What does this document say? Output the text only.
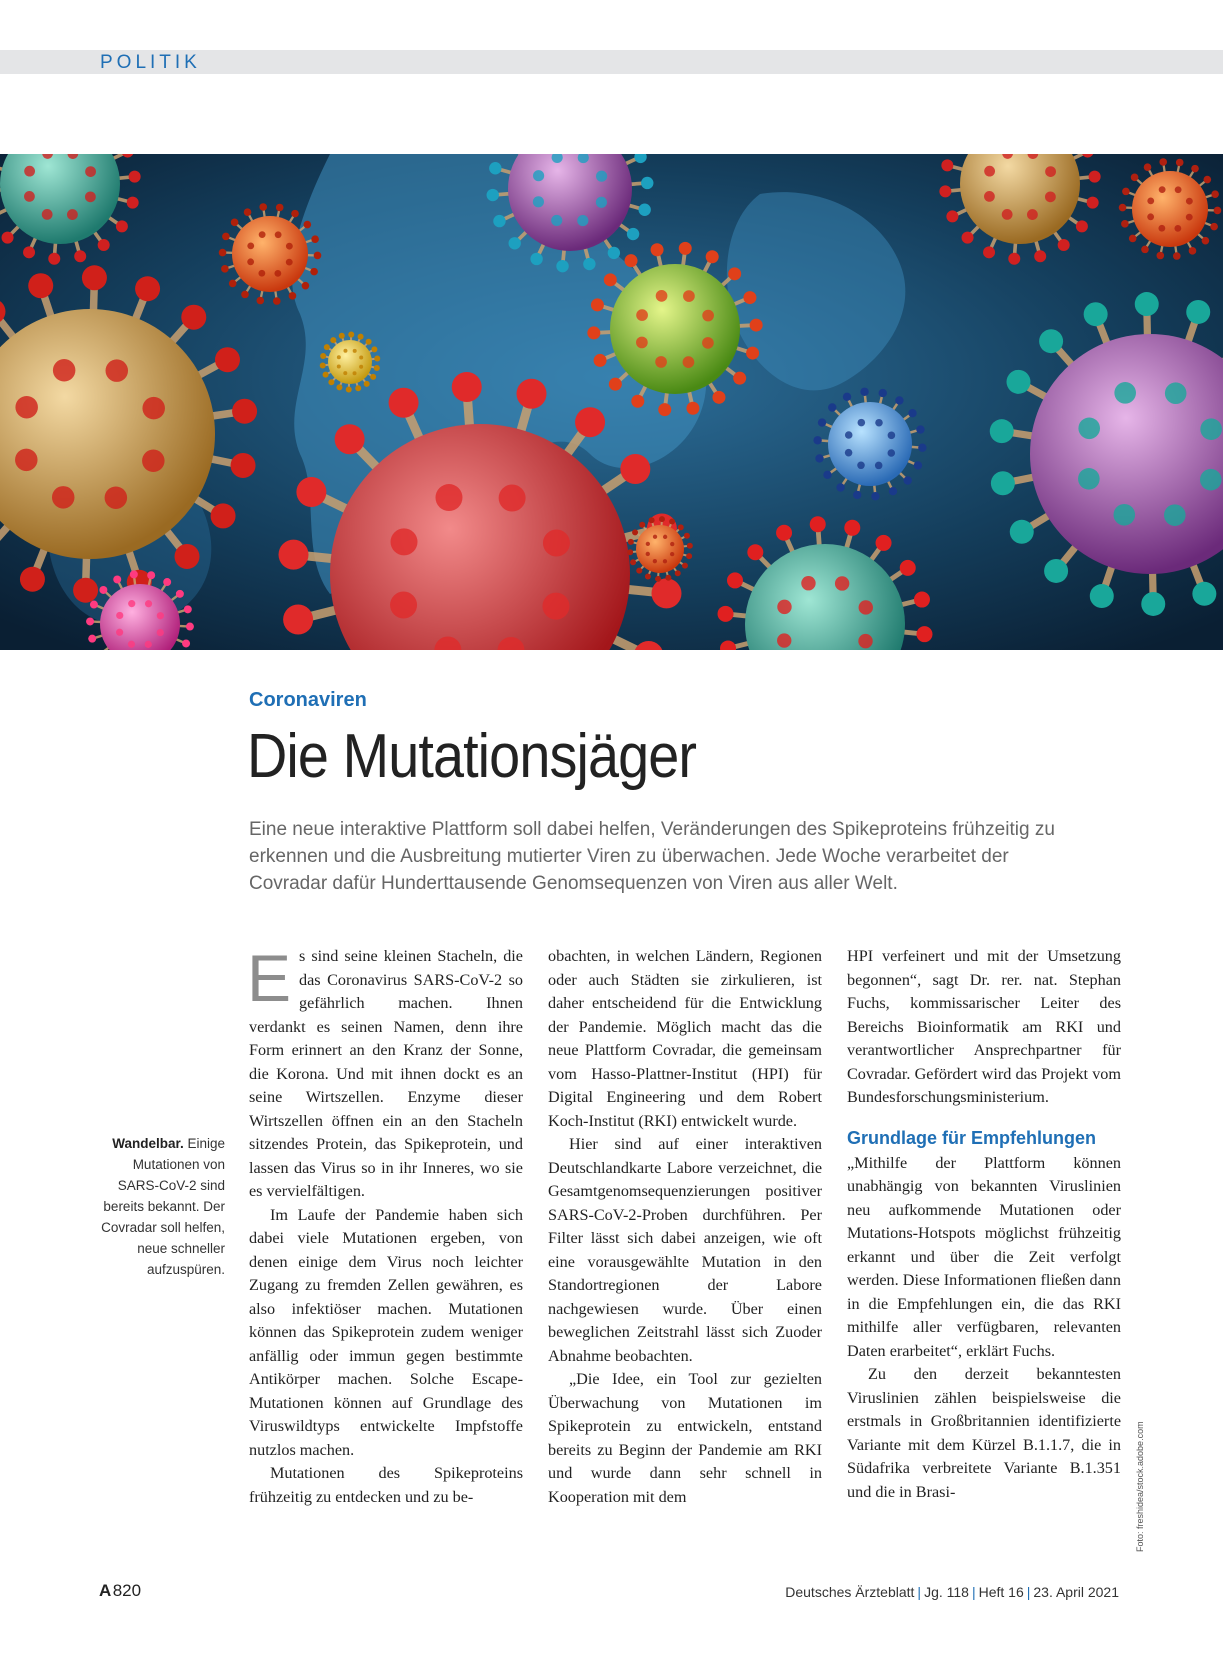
POLITIK
Coronaviren
Die Mutationsjäger
Eine neue interaktive Plattform soll dabei helfen, Veränderungen des Spikeproteins frühzeitig zu erkennen und die Ausbreitung mutierter Viren zu überwachen. Jede Woche verarbeitet der Covradar dafür Hunderttausende Genomsequenzen von Viren aus aller Welt.
Wandelbar. Einige Mutationen von SARS-CoV-2 sind bereits bekannt. Der Covradar soll helfen, neue schneller aufzuspüren.

Es sind seine kleinen Stacheln, die das Coronavirus SARS-CoV-2 so gefährlich machen. Ihnen verdankt es seinen Namen, denn ihre Form erinnert an den Kranz der Sonne, die Korona. Und mit ihnen dockt es an seine Wirtszellen. Enzyme dieser Wirtszellen öffnen ein an den Stacheln sitzendes Protein, das Spikeprotein, und lassen das Virus so in ihr Inneres, wo sie es vervielfältigen.

Im Laufe der Pandemie haben sich dabei viele Mutationen ergeben, von denen einige dem Virus noch leichter Zugang zu fremden Zellen gewähren, es also infektiöser machen. Mutationen können das Spikeprotein zudem weniger anfällig oder immun gegen bestimmte Antikörper machen. Solche Escape-Mutationen können auf Grundlage des Viruswildtyps entwickelte Impfstoffe nutzlos machen.

Mutationen des Spikeproteins frühzeitig zu entdecken und zu be-

obachten, in welchen Ländern, Regionen oder auch Städten sie zirkulieren, ist daher entscheidend für die Entwicklung der Pandemie. Möglich macht das die neue Plattform Covradar, die gemeinsam vom Hasso-Plattner-Institut (HPI) für Digital Engineering und dem Robert Koch-Institut (RKI) entwickelt wurde.

Hier sind auf einer interaktiven Deutschlandkarte Labore verzeichnet, die Gesamtgenomsequenzierungen positiver SARS-CoV-2-Proben durchführen. Per Filter lässt sich dabei anzeigen, wie oft eine vorausgewählte Mutation in den Standortregionen der Labore nachgewiesen wurde. Über einen beweglichen Zeitstrahl lässt sich Zuoder Abnahme beobachten.

„Die Idee, ein Tool zur gezielten Überwachung von Mutationen im Spikeprotein zu entwickeln, entstand bereits zu Beginn der Pandemie am RKI und wurde dann sehr schnell in Kooperation mit dem

HPI verfeinert und mit der Umsetzung begonnen“, sagt Dr. rer. nat. Stephan Fuchs, kommissarischer Leiter des Bereichs Bioinformatik am RKI und verantwortlicher Ansprechpartner für Covradar. Gefördert wird das Projekt vom Bundesforschungsministerium.

Grundlage für Empfehlungen

„Mithilfe der Plattform können unabhängig von bekannten Viruslinien neu aufkommende Mutationen oder Mutations-Hotspots möglichst frühzeitig erkannt und über die Zeit verfolgt werden. Diese Informationen fließen dann in die Empfehlungen ein, die das RKI mithilfe aller verfügbaren, relevanten Daten erarbeitet“, erklärt Fuchs.

Zu den derzeit bekanntesten Viruslinien zählen beispielsweise die erstmals in Großbritannien identifizierte Variante mit dem Kürzel B.1.1.7, die in Südafrika verbreitete Variante B.1.351 und die in Brasi-	Foto: freshidea/stock.adobe.com
A 820	Deutsches Ärzteblatt | Jg. 118 | Heft 16 | 23. April 2021
